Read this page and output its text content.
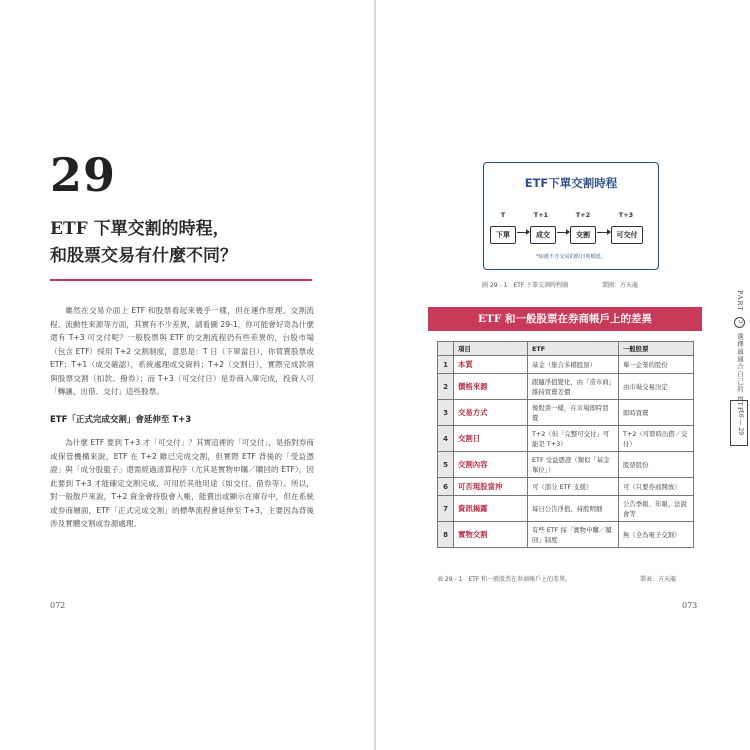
29
ETF 下單交割的時程，
和股票交易有什麼不同？

雖然在交易介面上 ETF 和股票看起來幾乎一樣，但在運作原理、交割流程、流動性來源等方面，其實有不少差異，請看圖 29-1，你可能會好奇為什麼還有 T+3 可交付呢？一般股票與 ETF 的交割流程仍有些差異的，台股市場（包含 ETF）採用 T+2 交割制度，意思是：T 日（下單當日），你買賣股票或 ETF；T+1（成交確認），系統處理成交資料；T+2（交割日），實際完成款項與股票交割（扣款、撥券）；而 T+3（可交付日）是券商入庫完成，投資人可「轉讓、出借、交付」這些股票。

ETF「正式完成交割」會延伸至 T+3

為什麼 ETF 要到 T+3 才「可交付」？其實這裡的「可交付」，是指對券商或保管機構來說，ETF 在 T+2 雖已完成交割，但實際 ETF 背後的「受益憑證」與「成分股籃子」還需經過清算程序（尤其是實物申購／贖回的 ETF），因此要到 T+3 才能確定交割完成、可用於其他用途（如交付、借券等）。所以，對一般散戶來說，T+2 資金會持股會入帳，能賣出或顯示在庫存中，但在系統或券商層面，ETF「正式完成交割」的標準流程會延伸至 T+3，主要因為背後涉及實體交割或券源處理。

072
ETF下單交割時程
T	T+1	T+2	T+3
下單	成交	交割	可交付
*如遇不含交易的假日則順延。
圖 29 - 1　ETF 下單交割時程圖	製圖：方天龍
ETF 和一般股票在券商帳戶上的差異
	項目	ETF	一般股票
1	本質	基金（集合多檔股票）	單一企業的股份
2	價格來源	跟隨淨值變化，由「造市商」維持買賣差價	由市場交易決定
3	交易方式	像股票一樣，在市場即時買賣	即時買賣
4	交割日	T+2（但「完整可交付」可能是 T+3）	T+2（可即時出借／交付）
5	交割內容	ETF 受益憑證（類似「基金單位」）	股票股份
6	可否現股當沖	可（部分 ETF 支援）	可（只要券商開放）
7	資訊揭露	每日公告淨值、持股明細	公告季報、年報、法說會等
8	實物交割	有些 ETF 採「實物申購／贖回」制度	無（全為電子交割）
表 29 - 1　ETF 和一般股票在券商帳戶上的差異。	製表：方天龍
PART 3 選擇最適合自己的 ETF
16 — 29
073
